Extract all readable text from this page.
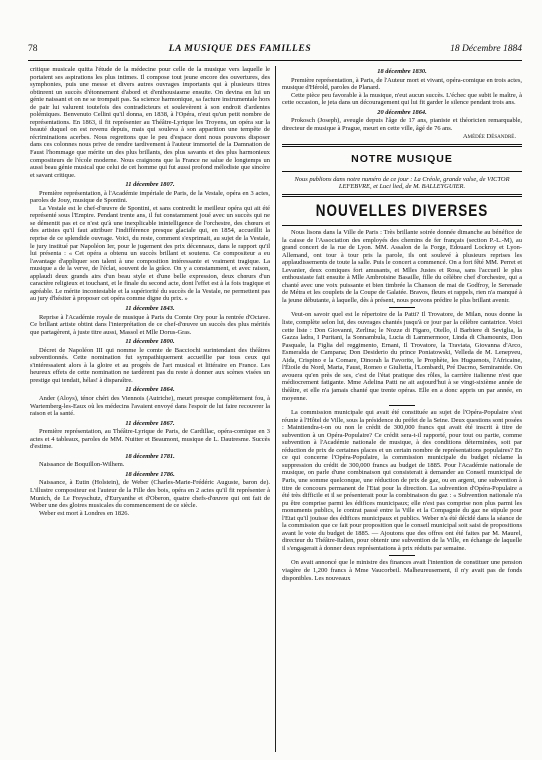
78	LA MUSIQUE DES FAMILLES	18 Décembre 1884

critique musicale quitta l'étude de la médecine pour celle de la musique vers laquelle le portaient ses aspirations les plus intimes. Il compose tout jeune encore des ouvertures, des symphonies, puis une messe et divers autres ouvrages importants qui à plusieurs titres obtinrent un succès d'étonnement d'abord et d'enthousiasme ensuite. On devina en lui un génie naissant et on ne se trompait pas. Sa science harmonique, sa facture instrumentale hors de pair lui valurent toutefois des contradicteurs et soulevèrent à son endroit d'ardentes polémiques. Benvenuto Cellini qu'il donna, en 1838, à l'Opéra, n'eut qu'un petit nombre de représentations. En 1863, il fit représenter au Théâtre-Lyrique les Troyens, un opéra sur la beauté duquel on est revenu depuis, mais qui souleva à son apparition une tempête de récriminations acerbes. Nous regrettons que le peu d'espace dont nous pouvons disposer dans ces colonnes nous prive de rendre tardivement à l'auteur immortel de la Damnation de Faust l'hommage que mérite un des plus brillants, des plus savants et des plus harmonieux compositeurs de l'école moderne. Nous craignons que la France ne salue de longtemps un aussi beau génie musical que celui de cet homme qui fut aussi profond mélodiste que sincère et savant critique.

11 décembre 1807.

Première représentation, à l'Académie impériale de Paris, de la Vestale, opéra en 3 actes, paroles de Jouy, musique de Spontini.

La Vestale est le chef-d'œuvre de Spontini, et sans contredit le meilleur opéra qui ait été représenté sous l'Empire. Pendant trente ans, il fut constamment joué avec un succès qui ne se démentit pas et ce n'est qu'à une inexplicable inintelligence de l'orchestre, des chœurs et des artistes qu'il faut attribuer l'indifférence presque glaciale qui, en 1854, accueillit la reprise de ce splendide ouvrage. Voici, du reste, comment s'exprimait, au sujet de la Vestale, le jury institué par Napoléon Ier, pour le jugement des prix décennaux, dans le rapport qu'il lui présenta : « Cet opéra a obtenu un succès brillant et soutenu. Ce compositeur a eu l'avantage d'appliquer son talent à une composition intéressante et vraiment tragique. La musique a de la verve, de l'éclat, souvent de la grâce. On y a constamment, et avec raison, applaudi deux grands airs d'un beau style et d'une belle expression, deux chœurs d'un caractère religieux et touchant, et le finale du second acte, dont l'effet est à la fois tragique et agréable. Le mérite incontestable et la supériorité du succès de la Vestale, ne permettent pas au jury d'hésiter à proposer cet opéra comme digne du prix. »

11 décembre 1843.

Reprise à l'Académie royale de musique à Paris du Comte Ory pour la rentrée d'Octave. Ce brillant artiste obtint dans l'interprétation de ce chef-d'œuvre un succès des plus mérités que partagèrent, à juste titre aussi, Massol et Mlle Dorus-Gras.

11 décembre 1800.

Décret de Napoléon III qui nomme le comte de Bacciochi surintendant des théâtres subventionnés. Cette nomination fut sympathiquement accueillie par tous ceux qui s'intéressaient alors à la gloire et au progrès de l'art musical et littéraire en France. Les heureux effets de cette nomination ne tardèrent pas du reste à donner aux scènes visées un prestige qui tendait, hélas! à disparaître.

11 décembre 1864.

Ander (Aloys), ténor chéri des Viennois (Autriche), meurt presque complètement fou, à Wartemberg-les-Eaux où les médecins l'avaient envoyé dans l'espoir de lui faire recouvrer la raison et la santé.

11 décembre 1867.

Première représentation, au Théâtre-Lyrique de Paris, de Cardillac, opéra-comique en 3 actes et 4 tableaux, paroles de MM. Nuitter et Beaumont, musique de L. Dautresme. Succès d'estime.

18 décembre 1781.

Naissance de Boquillon-Wilhem.

18 décembre 1786.

Naissance, à Eutin (Holstein), de Weber (Charles-Marie-Frédéric Auguste, baron de). L'illustre compositeur est l'auteur de la Fille des bois, opéra en 2 actes qu'il fit représenter à Munich, de Le Freyschutz, d'Euryanthe et d'Oberon, quatre chefs-d'œuvre qui ont fait de Weber une des gloires musicales du commencement de ce siècle.

Weber est mort à Londres en 1826.

18 décembre 1830.

Première représentation, à Paris, de l'Auteur mort et vivant, opéra-comique en trois actes, musique d'Hérold, paroles de Planard.

Cette pièce peu favorable à la musique, n'eut aucun succès. L'échec que subit le maître, à cette occasion, le jeta dans un découragement qui lui fit garder le silence pendant trois ans.

20 décembre 1864.

Prokosch (Joseph), aveugle depuis l'âge de 17 ans, pianiste et théoricien remarquable, directeur de musique à Prague, meurt en cette ville, âgé de 76 ans.

Amédée Désandré.
NOTRE MUSIQUE

Nous publions dans notre numéro de ce jour : La Créole, grande valse, de VICTOR LEFEBVRE, et Luci lied, de M. BALLEYGUIER.

NOUVELLES DIVERSES

Nous lisons dans la Ville de Paris : Très brillante soirée donnée dimanche au bénéfice de la caisse de l'Association des employés des chemins de fer français (section P.-L.-M), au grand concert de la rue de Lyon. MM. Assalon de la Forge, Edouard Lockroy et Lyon-Allemand, ont tour à tour pris la parole, ils ont soulevé à plusieurs reprises les applaudissements de toute la salle. Puis le concert a commencé. On a fort fêté MM. Perret et Levanier, deux comiques fort amusants, et Mlles Justes et Rosa, sans l'accueil le plus enthousiaste fait ensuite à Mlle Ambroisine Basaille, fille du célèbre chef d'orchestre, qui a chanté avec une voix puissante et bien timbrée la Chanson de mai de Godfroy, le Serenade de Métra et les couplets de la Coupe de Galatée. Bravos, fleurs et rappels, rien n'a manqué à la jeune débutante, à laquelle, dès à présent, nous pouvons prédire le plus brillant avenir.

Veut-on savoir quel est le répertoire de la Patti? Il Trovatore, de Milan, nous donne la liste, complète selon lui, des ouvrages chantés jusqu'à ce jour par la célèbre cantatrice. Voici cette liste : Don Giovanni, Zerlina; le Nozze di Figaro, Otello, il Barbiere di Seviglia, la Gazza ladra, I Puritani, la Sonnambula, Lucia di Lammermoor, Linda di Chamounix, Don Pasquale, la Figlia del reggimento, Ernani, Il Trovatore, la Traviata, Giovanna d'Arco, Esmeralda de Campana; Don Desiderio du prince Poniatowski, Velleda de M. Lenepveu, Aida, Crispino e la Comare, Dinorah la Favorite, le Prophète, les Huguenots, l'Africaine, l'Étoile du Nord, Marta, Faust, Romeo e Giulietta, l'Lombardi, Pré Dacrno, Semiramide. On avouera qu'en près de ses, c'est de l'état pratique des rôles, la carrière italienne n'est que médiocrement fatigante. Mme Adelina Patti ne ait aujourd'hui à se vingt-sixième année de théâtre, et elle n'a jamais chanté que trente opéras. Elle en a donc appris un par année, en moyenne.

La commission municipale qui avait été constituée au sujet de l'Opéra-Populaire s'est réunie à l'Hôtel de Ville, sous la présidence du préfet de la Seine. Deux questions sont posées : Maintiendra-t-on ou non le crédit de 300,000 francs qui avait été inscrit à titre de subvention à un Opéra-Populaire? Ce crédit sera-t-il rapporté, pour tout ou partie, comme subvention à l'Académie nationale de musique, à des conditions déterminées, soit par réduction de prix de certaines places et un certain nombre de représentations populaires? En ce qui concerne l'Opéra-Populaire, la commission municipale du budget réclame la suppression du crédit de 300,000 francs au budget de 1885. Pour l'Académie nationale de musique, on parle d'une combinaison qui consisterait à demander au Conseil municipal de Paris, une somme quelconque, une réduction de prix de gaz, ou en argent, une subvention à titre de concours permanent de l'Etat pour la direction. La subvention d'Opéra-Populaire a été très difficile et il se présenterait pour la combinaison du gaz : « Subvention nationale n'a pu être comprise parmi les édifices municipaux; elle n'est pas comprise non plus parmi les monuments publics, le contrat passé entre la Ville et la Compagnie du gaz ne stipule pour l'Etat qu'il jouisse des édifices municipaux et publics. Weber n'a été décidé dans la séance de la commission que ce fait pour proposition que le conseil municipal soit saisi de propositions avant le vote du budget de 1885. — Ajoutons que des offres ont été faites par M. Maurel, directeur du Théâtre-Italien, pour obtenir une subvention de la Ville, en échange de laquelle il s'engagerait à donner deux représentations à prix réduits par semaine.

On avait annoncé que le ministre des finances avait l'intention de constituer une pension viagère de 1,200 francs à Mme Vaucorbeil. Malheureusement, il n'y avait pas de fonds disponibles. Les nouveaux
